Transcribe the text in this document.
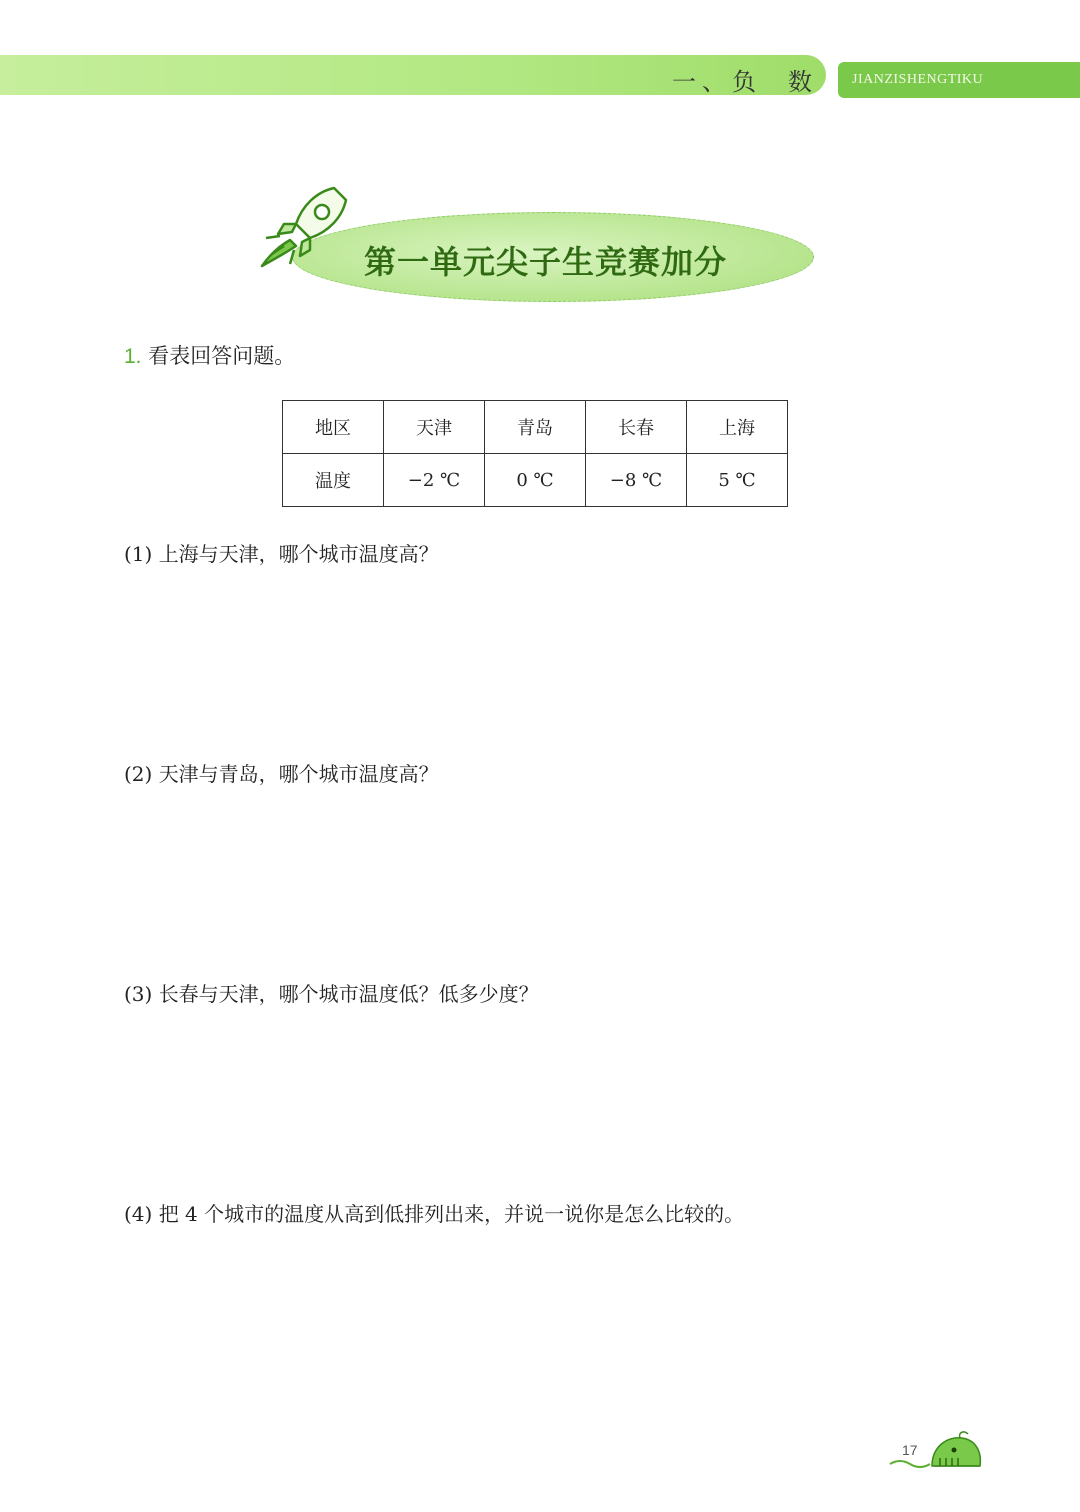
一、负 数 JIANZISHENGTIKU
第一单元尖子生竞赛加分
1. 看表回答问题。
地区	天津	青岛	长春	上海
温度	−2 ℃	0 ℃	−8 ℃	5 ℃
(1) 上海与天津，哪个城市温度高？
(2) 天津与青岛，哪个城市温度高？
(3) 长春与天津，哪个城市温度低？低多少度？
(4) 把 4 个城市的温度从高到低排列出来，并说一说你是怎么比较的。
17
